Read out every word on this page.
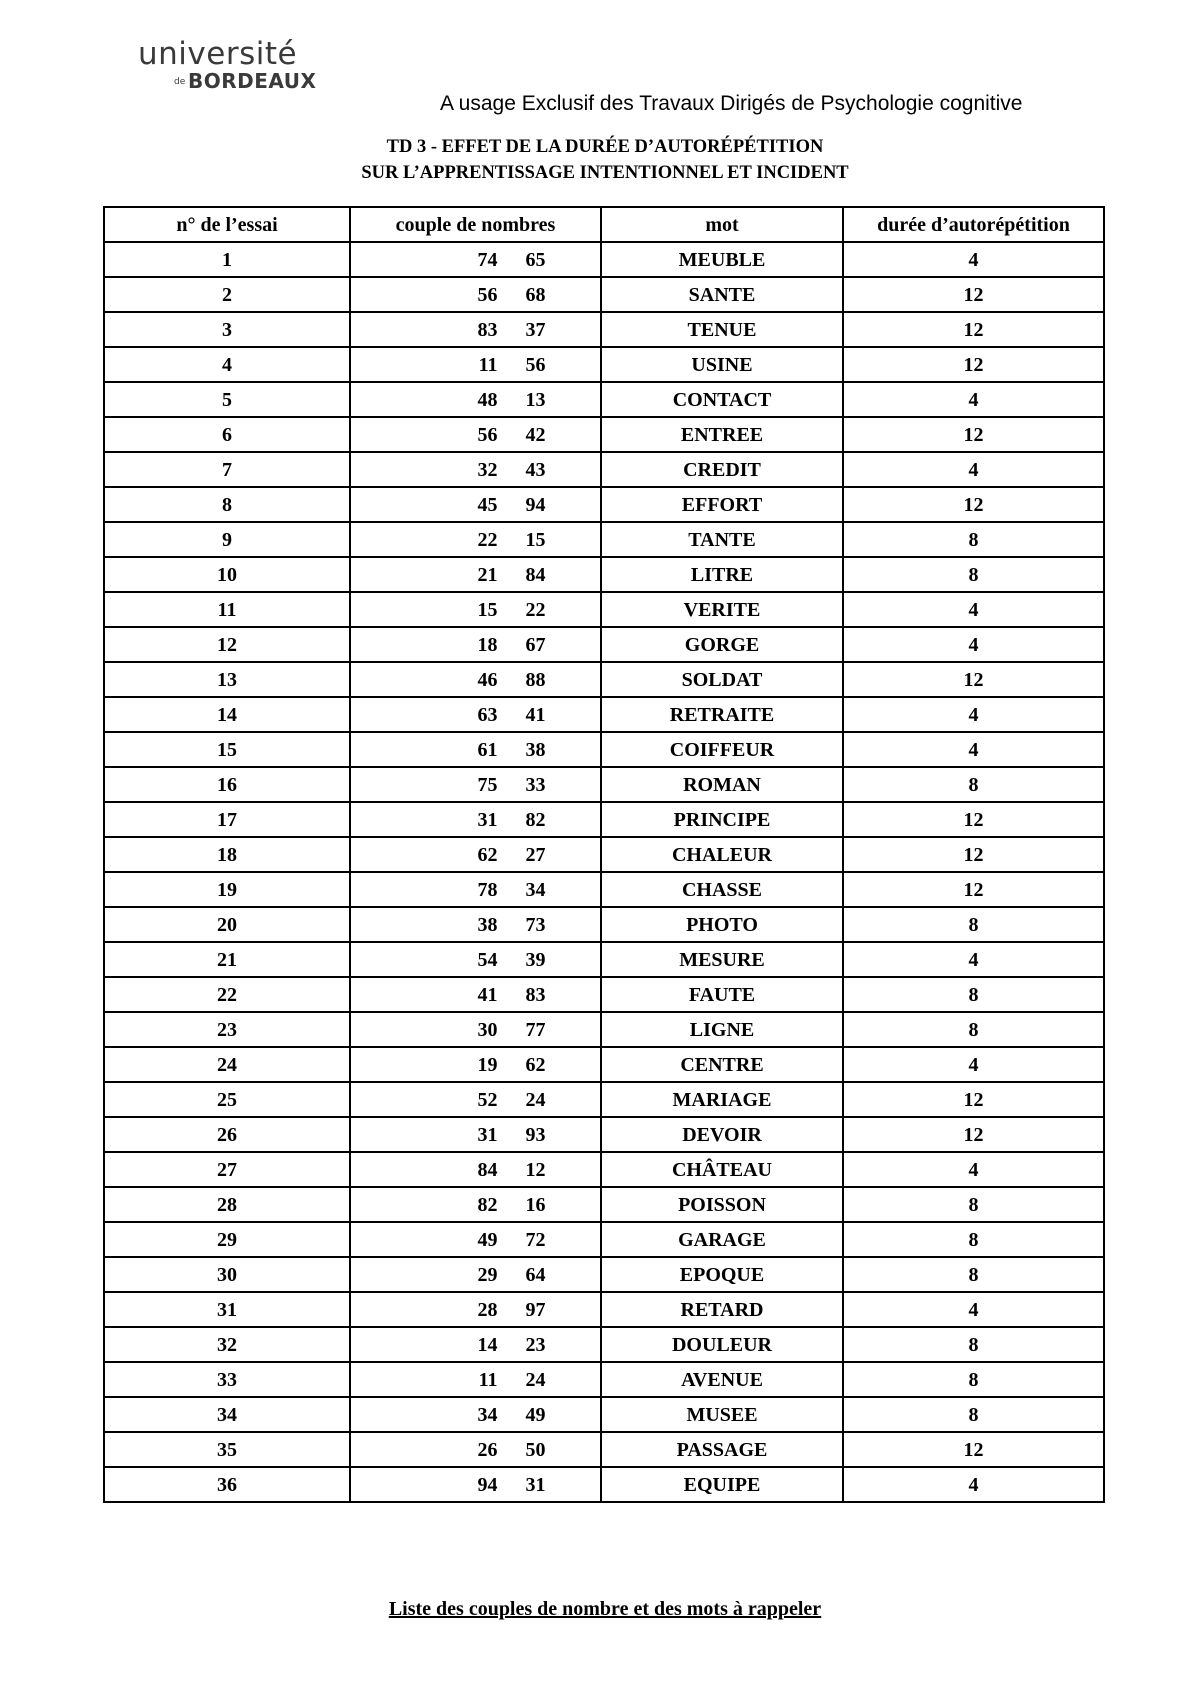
université
de BORDEAUX
A usage Exclusif des Travaux Dirigés de Psychologie cognitive
TD 3 - EFFET DE LA DURÉE D’AUTORÉPÉTITION
SUR L’APPRENTISSAGE INTENTIONNEL ET INCIDENT
n° de l’essai	couple de nombres	mot	durée d’autorépétition
1	74 65	MEUBLE	4
2	56 68	SANTE	12
3	83 37	TENUE	12
4	11 56	USINE	12
5	48 13	CONTACT	4
6	56 42	ENTREE	12
7	32 43	CREDIT	4
8	45 94	EFFORT	12
9	22 15	TANTE	8
10	21 84	LITRE	8
11	15 22	VERITE	4
12	18 67	GORGE	4
13	46 88	SOLDAT	12
14	63 41	RETRAITE	4
15	61 38	COIFFEUR	4
16	75 33	ROMAN	8
17	31 82	PRINCIPE	12
18	62 27	CHALEUR	12
19	78 34	CHASSE	12
20	38 73	PHOTO	8
21	54 39	MESURE	4
22	41 83	FAUTE	8
23	30 77	LIGNE	8
24	19 62	CENTRE	4
25	52 24	MARIAGE	12
26	31 93	DEVOIR	12
27	84 12	CHÂTEAU	4
28	82 16	POISSON	8
29	49 72	GARAGE	8
30	29 64	EPOQUE	8
31	28 97	RETARD	4
32	14 23	DOULEUR	8
33	11 24	AVENUE	8
34	34 49	MUSEE	8
35	26 50	PASSAGE	12
36	94 31	EQUIPE	4
Liste des couples de nombre et des mots à rappeler
